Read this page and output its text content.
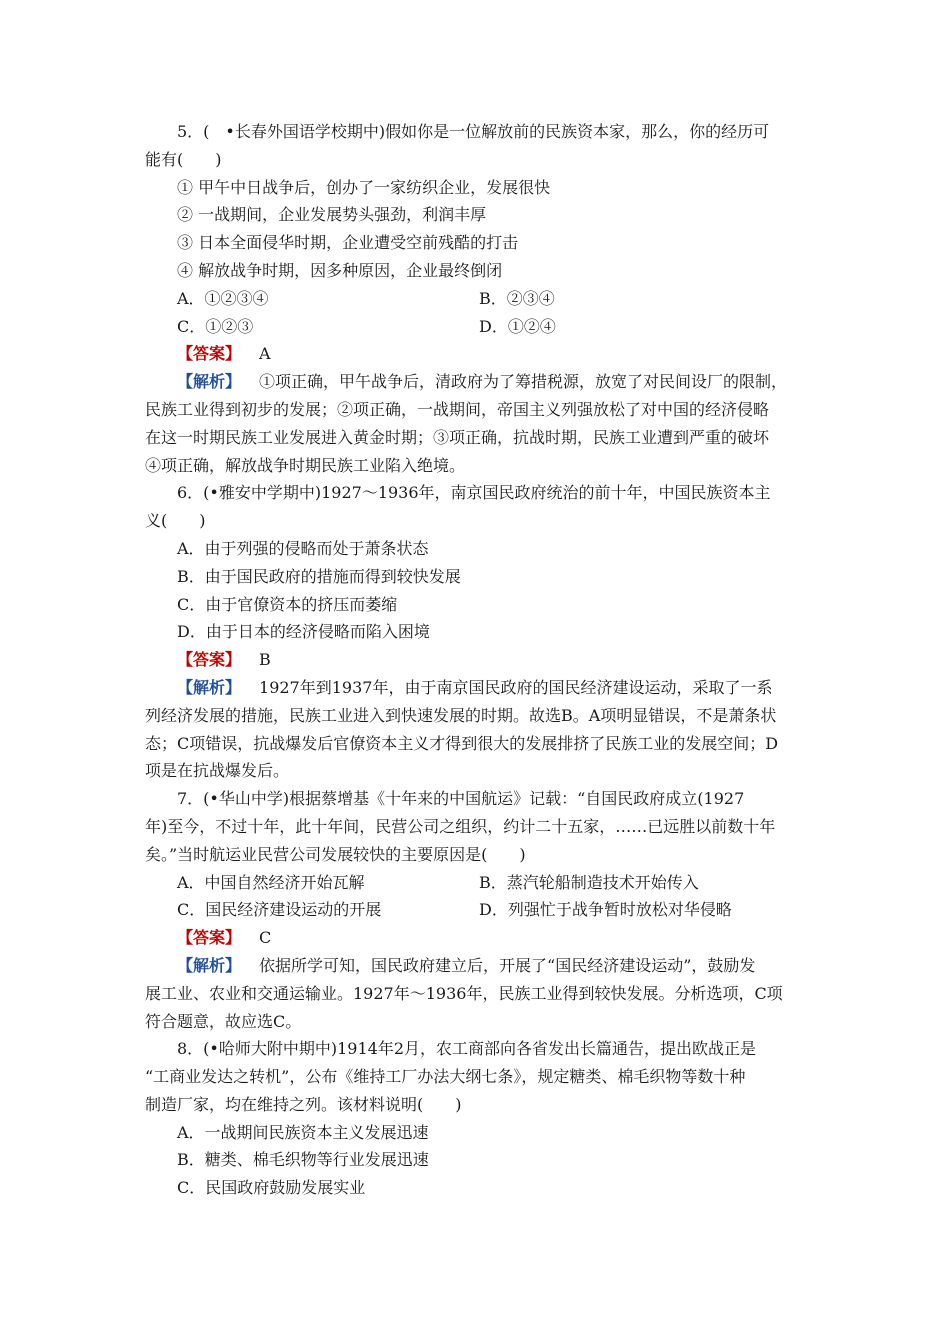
5．(　•长春外国语学校期中)假如你是一位解放前的民族资本家，那么，你的经历可
能有(　　)
① 甲午中日战争后，创办了一家纺织企业，发展很快
② 一战期间，企业发展势头强劲，利润丰厚
③ 日本全面侵华时期，企业遭受空前残酷的打击
④ 解放战争时期，因多种原因，企业最终倒闭
A．①②③④	B．②③④
C．①②③	D．①②④
【答案】 A
【解析】 ①项正确，甲午战争后，清政府为了筹措税源，放宽了对民间设厂的限制，
民族工业得到初步的发展；②项正确，一战期间，帝国主义列强放松了对中国的经济侵略
在这一时期民族工业发展进入黄金时期；③项正确，抗战时期，民族工业遭到严重的破坏
④项正确，解放战争时期民族工业陷入绝境。
6．(•雅安中学期中)1927～1936年，南京国民政府统治的前十年，中国民族资本主
义(　　)
A．由于列强的侵略而处于萧条状态
B．由于国民政府的措施而得到较快发展
C．由于官僚资本的挤压而萎缩
D．由于日本的经济侵略而陷入困境
【答案】 B
【解析】 1927年到1937年，由于南京国民政府的国民经济建设运动，采取了一系
列经济发展的措施，民族工业进入到快速发展的时期。故选B。A项明显错误，不是萧条状
态；C项错误，抗战爆发后官僚资本主义才得到很大的发展排挤了民族工业的发展空间；D
项是在抗战爆发后。
7．(•华山中学)根据蔡增基《十年来的中国航运》记载：“自国民政府成立(1927
年)至今，不过十年，此十年间，民营公司之组织，约计二十五家，……已远胜以前数十年
矣。”当时航运业民营公司发展较快的主要原因是(　　)
A．中国自然经济开始瓦解	B．蒸汽轮船制造技术开始传入
C．国民经济建设运动的开展	D．列强忙于战争暂时放松对华侵略
【答案】 C
【解析】 依据所学可知，国民政府建立后，开展了“国民经济建设运动”，鼓励发
展工业、农业和交通运输业。1927年～1936年，民族工业得到较快发展。分析选项，C项
符合题意，故应选C。
8．(•哈师大附中期中)1914年2月，农工商部向各省发出长篇通告，提出欧战正是
“工商业发达之转机”，公布《维持工厂办法大纲七条》，规定糖类、棉毛织物等数十种
制造厂家，均在维持之列。该材料说明(　　)
A．一战期间民族资本主义发展迅速
B．糖类、棉毛织物等行业发展迅速
C．民国政府鼓励发展实业
